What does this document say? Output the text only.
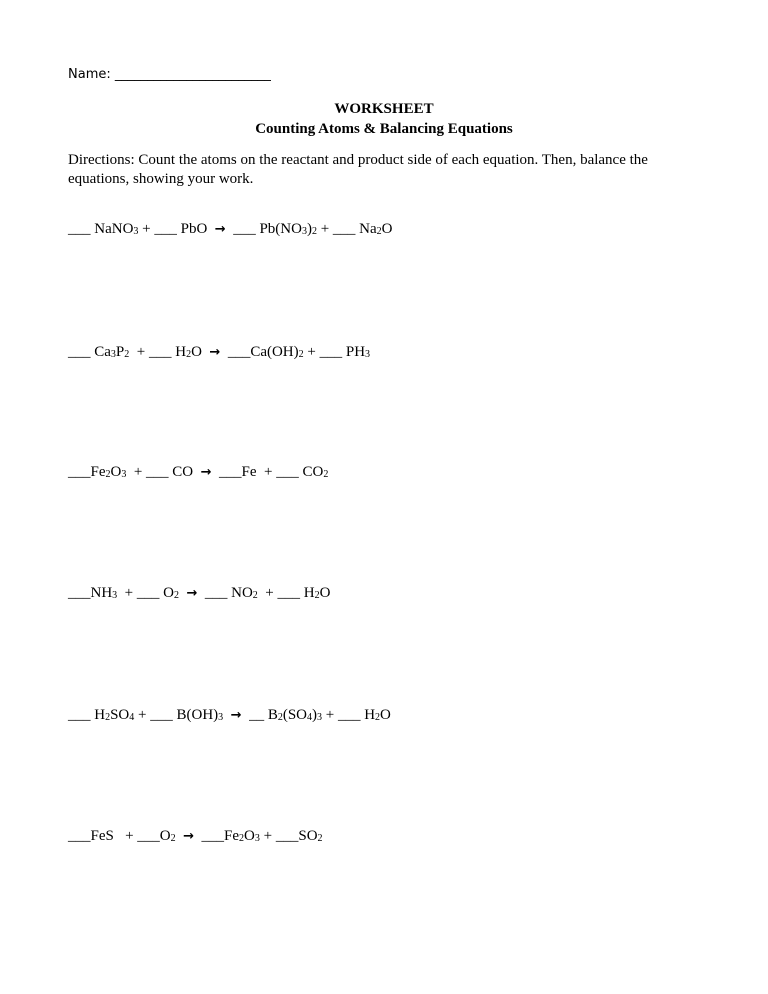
Name: ________________________
WORKSHEET
Counting Atoms & Balancing Equations
Directions: Count the atoms on the reactant and product side of each equation. Then, balance the equations, showing your work.
___ NaNO$_3$ + ___ PbO  →  ___ $Pb(NO_3)_2$ + ___ $Na_2O$
___ $Ca_3P_2$  + ___ $H_2O$  →  $\_\_\_Ca(OH)_2$ + ___ $PH_3$
$\_\_\_Fe_2O_3$  + ___ CO  →  ___Fe  + ___ $CO_2$
$\_\_\_NH_3$  + ___ $O_2$ →  ___ $NO_2$  + ___ $H_2O$
___ $H_2SO_4$ + ___ $B(OH)_3$ →  __ $B_2(SO_4)_3$ + ___ $H_2O$
___FeS   + $\_\_\_O_2$ →  $\_\_\_Fe_2O_3$ + $\_\_\_SO_2$
